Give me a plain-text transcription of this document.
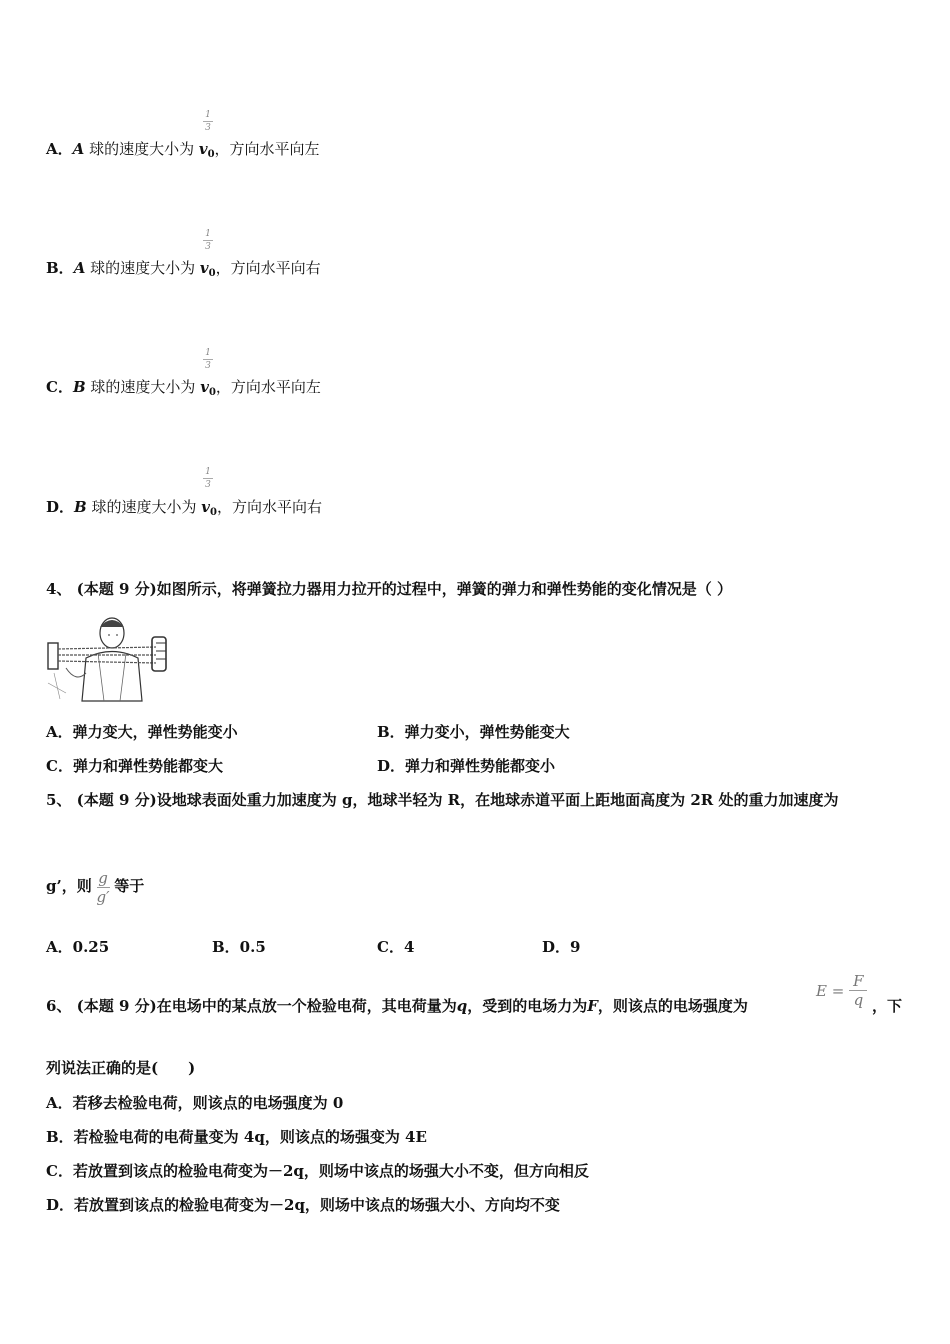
1
3
A．A 球的速度大小为 $v_0$，方向水平向左
1
3
B．A 球的速度大小为 $v_0$，方向水平向右
1
3
C．B 球的速度大小为 $v_0$，方向水平向左
1
3
D．B 球的速度大小为 $v_0$，方向水平向右
4、 (本题 9 分)如图所示，将弹簧拉力器用力拉开的过程中，弹簧的弹力和弹性势能的变化情况是（ ）
A．弹力变大，弹性势能变小	B．弹力变小，弹性势能变大
C．弹力和弹性势能都变大	D．弹力和弹性势能都变小
5、 (本题 9 分)设地球表面处重力加速度为 g，地球半轻为 R，在地球赤道平面上距地面高度为 2R 处的重力加速度为
g’，则 $\frac{g}{g'}$ 等于
A．0.25	B．0.5	C．4	D．9
6、 (本题 9 分)在电场中的某点放一个检验电荷，其电荷量为q，受到的电场力为F，则该点的电场强度为
$E = \frac{F}{q}$ ，下
列说法正确的是(　　)
A．若移去检验电荷，则该点的电场强度为 0
B．若检验电荷的电荷量变为 4q，则该点的场强变为 4E
C．若放置到该点的检验电荷变为－2q，则场中该点的场强大小不变，但方向相反
D．若放置到该点的检验电荷变为－2q，则场中该点的场强大小、方向均不变
